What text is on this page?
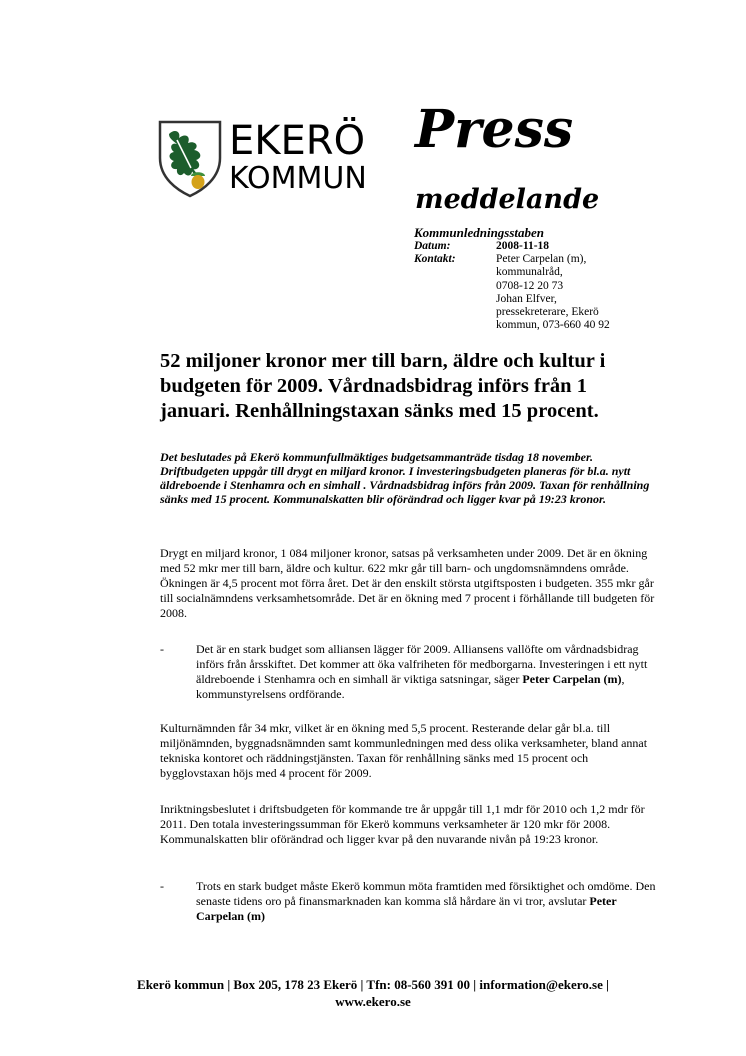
EKERÖ
KOMMUN
Press
meddelande
Kommunledningsstaben
Datum:	2008-11-18
Kontakt:	Peter Carpelan (m),
kommunalråd,
0708-12 20 73
Johan Elfver,
pressekreterare, Ekerö
kommun, 073-660 40 92
52 miljoner kronor mer till barn, äldre och kultur i budgeten för 2009. Vårdnadsbidrag införs från 1 januari. Renhållningstaxan sänks med 15 procent.

Det beslutades på Ekerö kommunfullmäktiges budgetsammanträde tisdag 18 november. Driftbudgeten uppgår till drygt en miljard kronor. I investeringsbudgeten planeras för bl.a. nytt äldreboende i Stenhamra och en simhall . Vårdnadsbidrag införs från 2009. Taxan för renhållning sänks med 15 procent. Kommunalskatten blir oförändrad och ligger kvar på 19:23 kronor.

Drygt en miljard kronor, 1 084 miljoner kronor, satsas på verksamheten under 2009. Det är en ökning med 52 mkr mer till barn, äldre och kultur. 622 mkr går till barn- och ungdomsnämndens område. Ökningen är 4,5 procent mot förra året. Det är den enskilt största utgiftsposten i budgeten. 355 mkr går till socialnämndens verksamhetsområde. Det är en ökning med 7 procent i förhållande till budgeten för 2008.

-	Det är en stark budget som alliansen lägger för 2009. Alliansens vallöfte om vårdnadsbidrag införs från årsskiftet. Det kommer att öka valfriheten för medborgarna. Investeringen i ett nytt äldreboende i Stenhamra och en simhall är viktiga satsningar, säger Peter Carpelan (m), kommunstyrelsens ordförande.

Kulturnämnden får 34 mkr, vilket är en ökning med 5,5 procent. Resterande delar går bl.a. till miljönämnden, byggnadsnämnden samt kommunledningen med dess olika verksamheter, bland annat tekniska kontoret och räddningstjänsten. Taxan för renhållning sänks med 15 procent och bygglovstaxan höjs med 4 procent för 2009.

Inriktningsbeslutet i driftsbudgeten för kommande tre år uppgår till 1,1 mdr för 2010 och 1,2 mdr för 2011. Den totala investeringssumman för Ekerö kommuns verksamheter är 120 mkr för 2008. Kommunalskatten blir oförändrad och ligger kvar på den nuvarande nivån på 19:23 kronor.

-	Trots en stark budget måste Ekerö kommun möta framtiden med försiktighet och omdöme. Den senaste tidens oro på finansmarknaden kan komma slå hårdare än vi tror, avslutar Peter Carpelan (m)
Ekerö kommun | Box 205, 178 23 Ekerö | Tfn: 08-560 391 00 | information@ekero.se |
www.ekero.se
